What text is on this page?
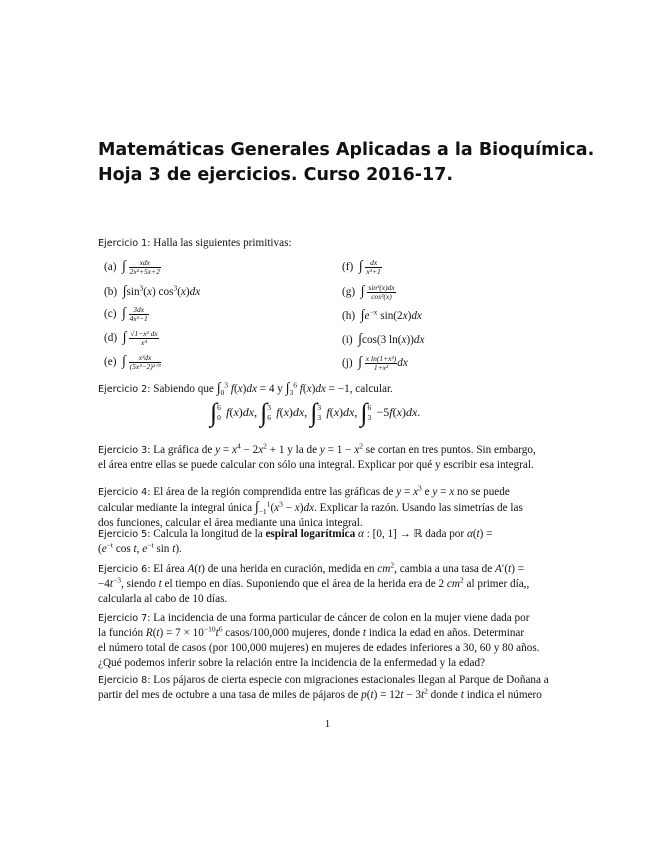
Matemáticas Generales Aplicadas a la Bioquímica.
Hoja 3 de ejercicios. Curso 2016-17.
Ejercicio 1: Halla las siguientes primitivas:
(a) ∫ $\frac{\text{xdx}}{\text{2x²+5x+2}}$
(b) $\int\sin^3(x)$ $\cos^3(x)dx$
(c) ∫ $\frac{3dx}{\text{4x²−1}}$
(d) ∫ $\frac{\text{√1−x² dx}}{\text{x⁴}}$
(e) ∫ $\frac{\text{x²dx}}{\text{(5x³−2)²ᐟ³}}$
(f) ∫ $\frac{dx}{\text{x³+1}}$
(g) ∫ $\frac{\text{sin³(x)dx}}{\text{cos²(x)}}$
(h) $\int e^{-x}$ sin(2x)dx
(i) ∫cos(3 ln(x))dx
(j) ∫ $\frac{\text{x ln(1+x²)}}{\text{1+x²}}$ dx
Ejercicio 2: Sabiendo que $\int_0^3$ f(x)dx = 4 y $\int_3^6$ f(x)dx = −1, calcular.
∫ 6
0 f(x)dx, ∫ 3
6 f(x)dx, ∫ 3
3 f(x)dx, ∫ 6
3 −5f(x)dx.
Ejercicio 3: La gráfica de $y = x^4 - 2x^2 + 1$ y la de $y = 1 - x^2$ se cortan en tres puntos. Sin embargo,
el área entre ellas se puede calcular con sólo una integral. Explicar por qué y escribir esa integral.
Ejercicio 4: El área de la región comprendida entre las gráficas de $y = x^3$ e y = x no se puede
calcular mediante la integral única $\int_{-1}^1(x^3 - x)dx$. Explicar la razón. Usando las simetrías de las
dos funciones, calcular el área mediante una única integral.
Ejercicio 5: Calcula la longitud de la espiral logarítmica α : [0, 1] → ℝ dada por α(t) =
($e^{-t}$ cos t, $e^{-t}$ sin t).
Ejercicio 6: El área A(t) de una herida en curación, medida en $cm^2$, cambia a una tasa de A′(t) =
$-4t^{-3}$, siendo t el tiempo en días. Suponiendo que el área de la herida era de 2 $cm^2$ al primer día,,
calcularla al cabo de 10 días.
Ejercicio 7: La incidencia de una forma particular de cáncer de colon en la mujer viene dada por
la función $R(t) = 7 \times 10^{-10}t^6$ casos/100,000 mujeres, donde t indica la edad en años. Determinar
el número total de casos (por 100,000 mujeres) en mujeres de edades inferiores a 30, 60 y 80 años.
¿Qué podemos inferir sobre la relación entre la incidencia de la enfermedad y la edad?
Ejercicio 8: Los pájaros de cierta especie con migraciones estacionales llegan al Parque de Doñana a
partir del mes de octubre a una tasa de miles de pájaros de $p(t) = 12t - 3t^2$ donde t indica el número
1
